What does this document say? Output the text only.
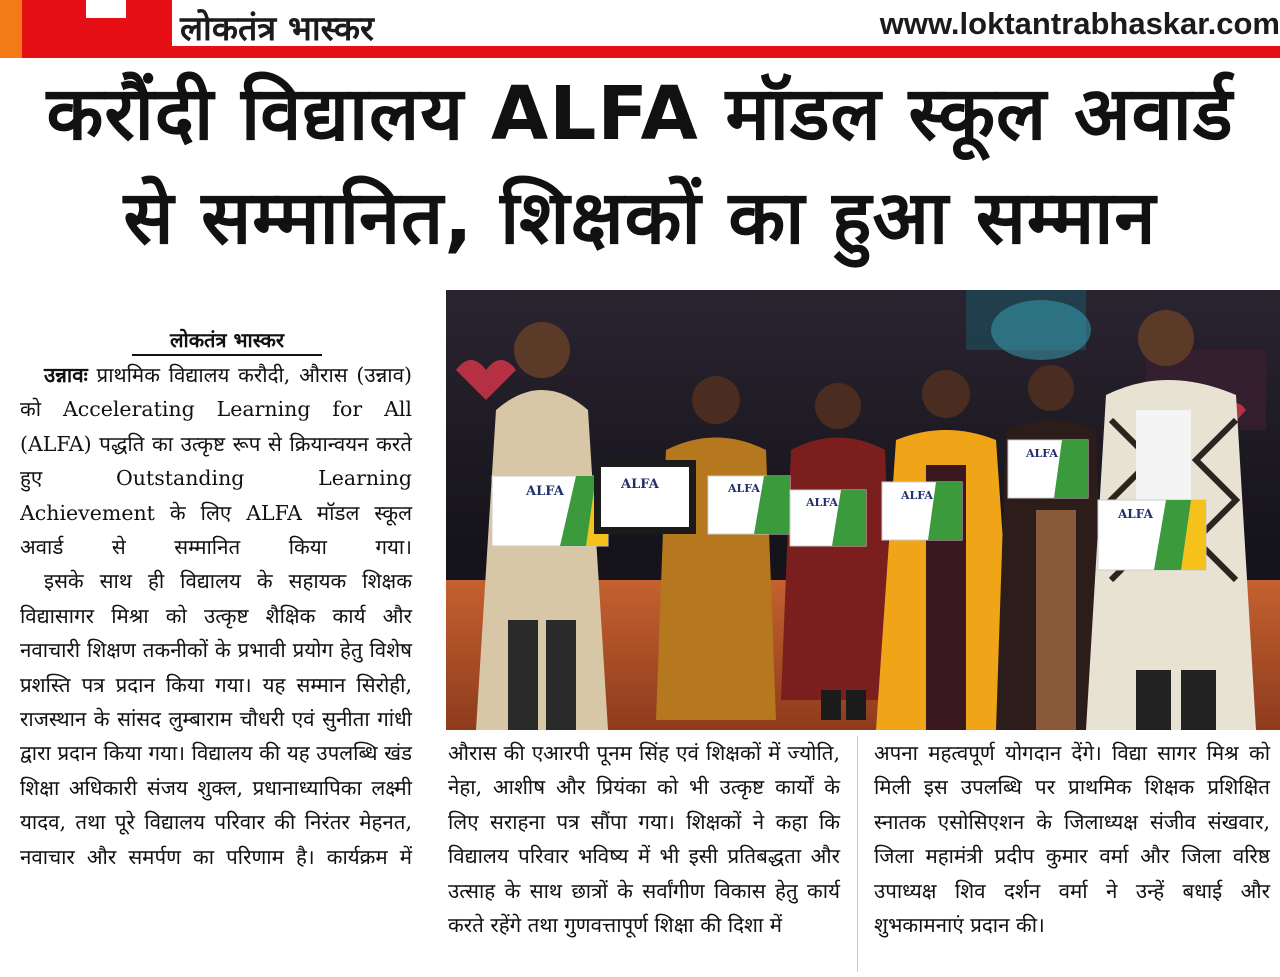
लोकतंत्र भास्कर	www.loktantrabhaskar.com
करौंदी विद्यालय ALFA मॉडल स्कूल अवार्ड
से सम्मानित, शिक्षकों का हुआ सम्मान
लोकतंत्र भास्कर

उन्नावः प्राथमिक विद्यालय करौदी, औरास (उन्नाव) को Accelerating Learning for All (ALFA) पद्धति का उत्कृष्ट रूप से क्रियान्वयन करते हुए Outstanding Learning Achievement के लिए ALFA मॉडल स्कूल अवार्ड से सम्मानित किया गया।

इसके साथ ही विद्यालय के सहायक शिक्षक विद्यासागर मिश्रा को उत्कृष्ट शैक्षिक कार्य और नवाचारी शिक्षण तकनीकों के प्रभावी प्रयोग हेतु विशेष प्रशस्ति पत्र प्रदान किया गया। यह सम्मान सिरोही, राजस्थान के सांसद लुम्बाराम चौधरी एवं सुनीता गांधी द्वारा प्रदान किया गया। विद्यालय की यह उपलब्धि खंड शिक्षा अधिकारी संजय शुक्ल, प्रधानाध्यापिका लक्ष्मी यादव, तथा पूरे विद्यालय परिवार की निरंतर मेहनत, नवाचार और समर्पण का परिणाम है। कार्यक्रम में

ALFA	ALFA	ALFA
ALFA
ALFA
ALFA
ALFA

औरास की एआरपी पूनम सिंह एवं शिक्षकों में ज्योति, नेहा, आशीष और प्रियंका को भी उत्कृष्ट कार्यों के लिए सराहना पत्र सौंपा गया। शिक्षकों ने कहा कि विद्यालय परिवार भविष्य में भी इसी प्रतिबद्धता और उत्साह के साथ छात्रों के सर्वांगीण विकास हेतु कार्य करते रहेंगे तथा गुणवत्तापूर्ण शिक्षा की दिशा में

अपना महत्वपूर्ण योगदान देंगे। विद्या सागर मिश्र को मिली इस उपलब्धि पर प्राथमिक शिक्षक प्रशिक्षित स्नातक एसोसिएशन के जिलाध्यक्ष संजीव संखवार, जिला महामंत्री प्रदीप कुमार वर्मा और जिला वरिष्ठ उपाध्यक्ष शिव दर्शन वर्मा ने उन्हें बधाई और शुभकामनाएं प्रदान की।
